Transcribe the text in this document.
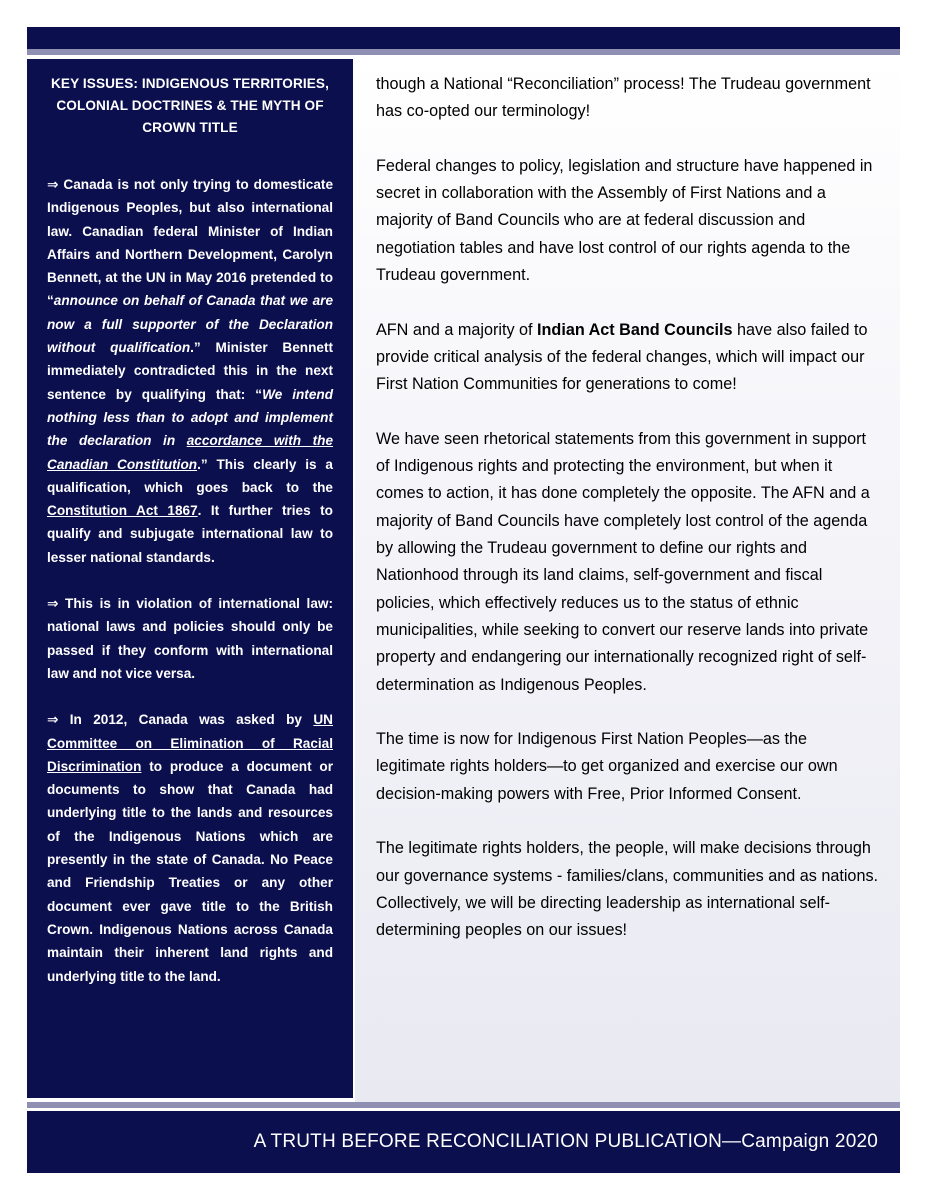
KEY ISSUES: INDIGENOUS TERRITORIES, COLONIAL DOCTRINES & THE MYTH OF CROWN TITLE

⇒ Canada is not only trying to domesticate Indigenous Peoples, but also international law. Canadian federal Minister of Indian Affairs and Northern Development, Carolyn Bennett, at the UN in May 2016 pretended to “announce on behalf of Canada that we are now a full supporter of the Declaration without qualification.” Minister Bennett immediately contradicted this in the next sentence by qualifying that: “We intend nothing less than to adopt and implement the declaration in accordance with the Canadian Constitution.” This clearly is a qualification, which goes back to the Constitution Act 1867. It further tries to qualify and subjugate international law to lesser national standards.

⇒ This is in violation of international law: national laws and policies should only be passed if they conform with international law and not vice versa.

⇒ In 2012, Canada was asked by UN Committee on Elimination of Racial Discrimination to produce a document or documents to show that Canada had underlying title to the lands and resources of the Indigenous Nations which are presently in the state of Canada. No Peace and Friendship Treaties or any other document ever gave title to the British Crown. Indigenous Nations across Canada maintain their inherent land rights and underlying title to the land.

though a National “Reconciliation” process! The Trudeau government has co-opted our terminology!

Federal changes to policy, legislation and structure have happened in secret in collaboration with the Assembly of First Nations and a majority of Band Councils who are at federal discussion and negotiation tables and have lost control of our rights agenda to the Trudeau government.

AFN and a majority of Indian Act Band Councils have also failed to provide critical analysis of the federal changes, which will impact our First Nation Communities for generations to come!

We have seen rhetorical statements from this government in support of Indigenous rights and protecting the environment, but when it comes to action, it has done completely the opposite. The AFN and a majority of Band Councils have completely lost control of the agenda by allowing the Trudeau government to define our rights and Nationhood through its land claims, self-government and fiscal policies, which effectively reduces us to the status of ethnic municipalities, while seeking to convert our reserve lands into private property and endangering our internationally recognized right of self-determination as Indigenous Peoples.

The time is now for Indigenous First Nation Peoples—as the legitimate rights holders—to get organized and exercise our own decision-making powers with Free, Prior Informed Consent.

The legitimate rights holders, the people, will make decisions through our governance systems - families/clans, communities and as nations. Collectively, we will be directing leadership as international self-determining peoples on our issues!

A TRUTH BEFORE RECONCILIATION PUBLICATION—Campaign 2020
